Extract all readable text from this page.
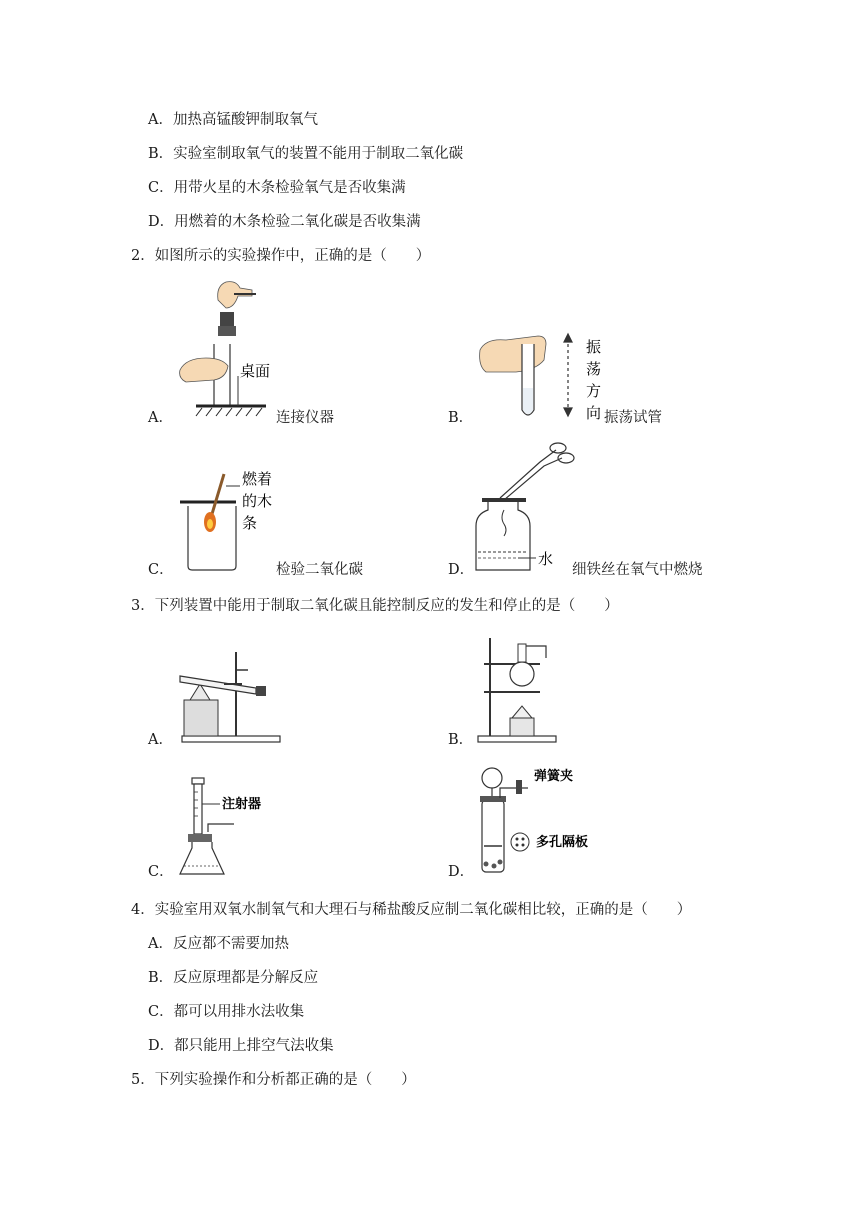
A．加热高锰酸钾制取氧气
B．实验室制取氧气的装置不能用于制取二氧化碳
C．用带火星的木条检验氧气是否收集满
D．用燃着的木条检验二氧化碳是否收集满
2．如图所示的实验操作中，正确的是（　　）
A．
桌面
连接仪器	B．
振
荡
方
向 振荡试管
C．
燃着
的木
条
检验二氧化碳	D．
水
细铁丝在氧气中燃烧
3．下列装置中能用于制取二氧化碳且能控制反应的发生和停止的是（　　）
A．	B．
C．
注射器
D．
弹簧夹
多孔隔板
4．实验室用双氧水制氧气和大理石与稀盐酸反应制二氧化碳相比较，正确的是（　　）
A．反应都不需要加热
B．反应原理都是分解反应
C．都可以用排水法收集
D．都只能用上排空气法收集
5．下列实验操作和分析都正确的是（　　）
